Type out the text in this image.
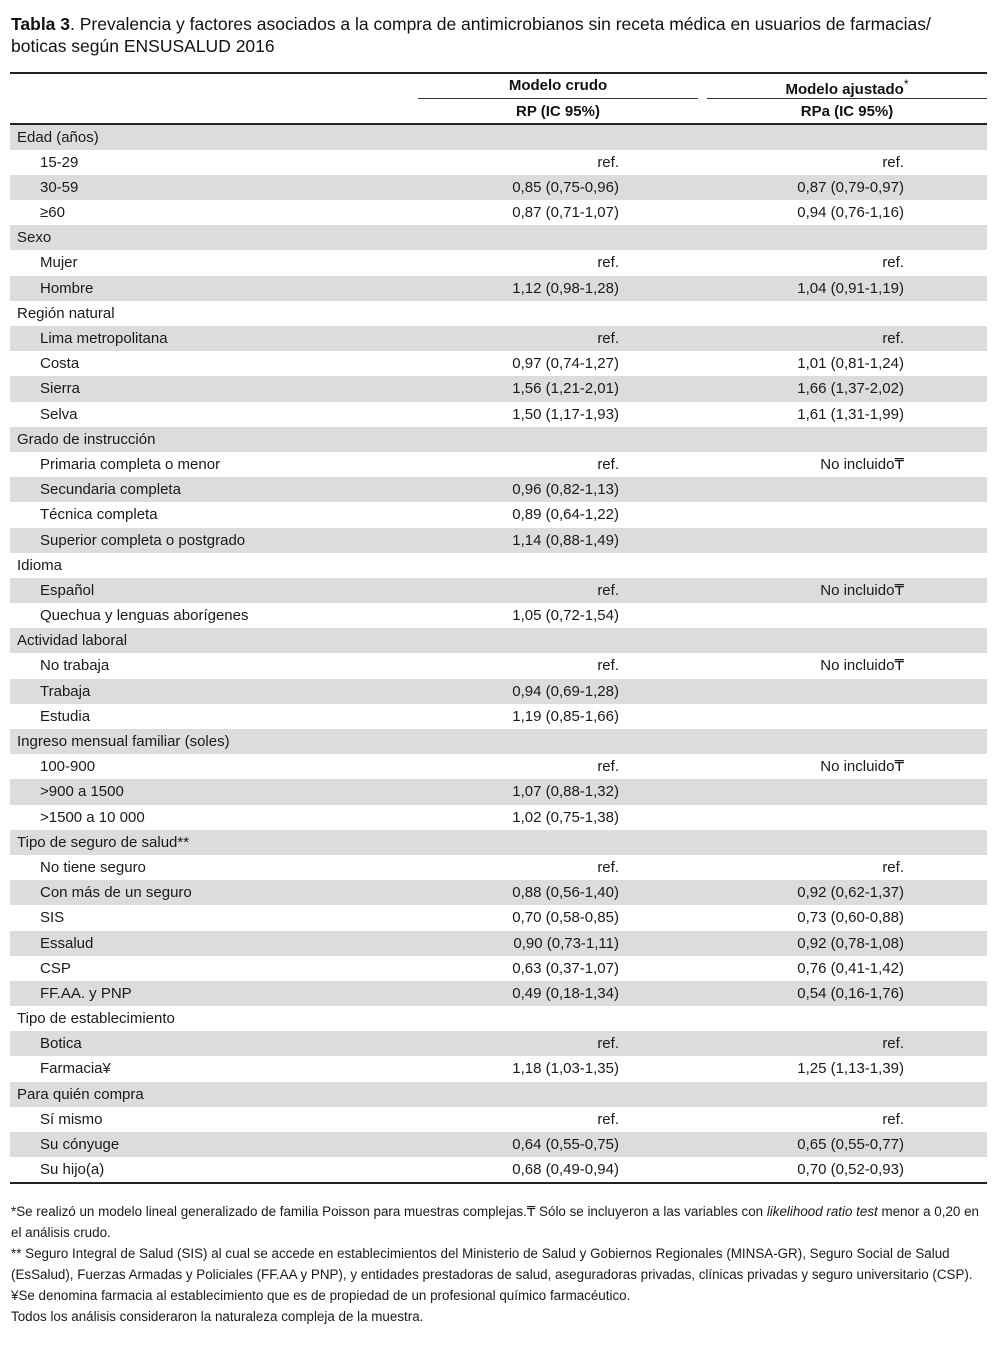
Tabla 3. Prevalencia y factores asociados a la compra de antimicrobianos sin receta médica en usuarios de farmacias/ boticas según ENSUSALUD 2016
Modelo crudo	Modelo ajustado*
RP (IC 95%)	RPa (IC 95%)
Edad (años)
15-29	ref.	ref.
30-59	0,85 (0,75-0,96)	0,87 (0,79-0,97)
≥60	0,87 (0,71-1,07)	0,94 (0,76-1,16)
Sexo
Mujer	ref.	ref.
Hombre	1,12 (0,98-1,28)	1,04 (0,91-1,19)
Región natural
Lima metropolitana	ref.	ref.
Costa	0,97 (0,74-1,27)	1,01 (0,81-1,24)
Sierra	1,56 (1,21-2,01)	1,66 (1,37-2,02)
Selva	1,50 (1,17-1,93)	1,61 (1,31-1,99)
Grado de instrucción
Primaria completa o menor	ref.	No incluido₸
Secundaria completa	0,96 (0,82-1,13)
Técnica completa	0,89 (0,64-1,22)
Superior completa o postgrado	1,14 (0,88-1,49)
Idioma
Español	ref.	No incluido₸
Quechua y lenguas aborígenes	1,05 (0,72-1,54)
Actividad laboral
No trabaja	ref.	No incluido₸
Trabaja	0,94 (0,69-1,28)
Estudia	1,19 (0,85-1,66)
Ingreso mensual familiar (soles)
100-900	ref.	No incluido₸
>900 a 1500	1,07 (0,88-1,32)
>1500 a 10 000	1,02 (0,75-1,38)
Tipo de seguro de salud**
No tiene seguro	ref.	ref.
Con más de un seguro	0,88 (0,56-1,40)	0,92 (0,62-1,37)
SIS	0,70 (0,58-0,85)	0,73 (0,60-0,88)
Essalud	0,90 (0,73-1,11)	0,92 (0,78-1,08)
CSP	0,63 (0,37-1,07)	0,76 (0,41-1,42)
FF.AA. y PNP	0,49 (0,18-1,34)	0,54 (0,16-1,76)
Tipo de establecimiento
Botica	ref.	ref.
Farmacia¥	1,18 (1,03-1,35)	1,25 (1,13-1,39)
Para quién compra
Sí mismo	ref.	ref.
Su cónyuge	0,64 (0,55-0,75)	0,65 (0,55-0,77)
Su hijo(a)	0,68 (0,49-0,94)	0,70 (0,52-0,93)

*Se realizó un modelo lineal generalizado de familia Poisson para muestras complejas.₸ Sólo se incluyeron a las variables con likelihood ratio test menor a 0,20 en el análisis crudo.

** Seguro Integral de Salud (SIS) al cual se accede en establecimientos del Ministerio de Salud y Gobiernos Regionales (MINSA-GR), Seguro Social de Salud (EsSalud), Fuerzas Armadas y Policiales (FF.AA y PNP), y entidades prestadoras de salud, aseguradoras privadas, clínicas privadas y seguro universitario (CSP).

¥Se denomina farmacia al establecimiento que es de propiedad de un profesional químico farmacéutico.

Todos los análisis consideraron la naturaleza compleja de la muestra.
